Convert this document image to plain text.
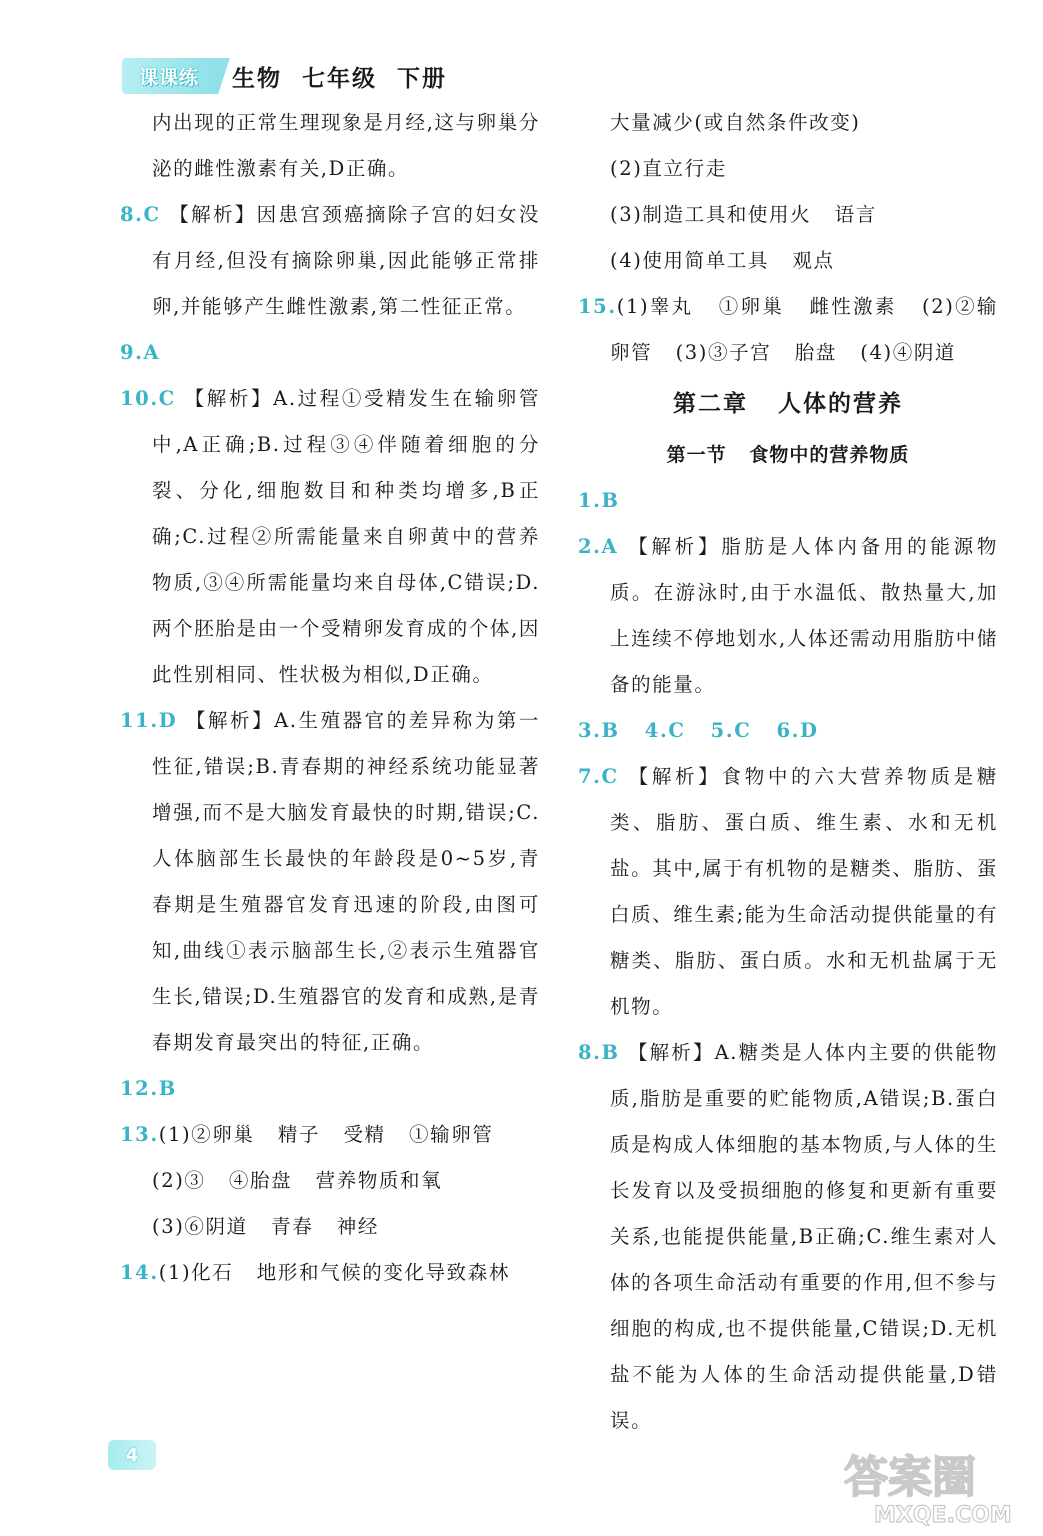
课课练	生物  七年级  下册
内出现的正常生理现象是月经,这与卵巢分泌的雌性激素有关,D正确。
8.C 【解析】因患宫颈癌摘除子宫的妇女没有月经,但没有摘除卵巢,因此能够正常排卵,并能够产生雌性激素,第二性征正常。
9.A
10.C 【解析】A.过程①受精发生在输卵管中,A正确;B.过程③④伴随着细胞的分裂、分化,细胞数目和种类均增多,B正确;C.过程②所需能量来自卵黄中的营养物质,③④所需能量均来自母体,C错误;D.两个胚胎是由一个受精卵发育成的个体,因此性别相同、性状极为相似,D正确。
11.D 【解析】A.生殖器官的差异称为第一性征,错误;B.青春期的神经系统功能显著增强,而不是大脑发育最快的时期,错误;C.人体脑部生长最快的年龄段是0~5岁,青春期是生殖器官发育迅速的阶段,由图可知,曲线①表示脑部生长,②表示生殖器官生长,错误;D.生殖器官的发育和成熟,是青春期发育最突出的特征,正确。
12.B
13.(1)②卵巢   精子   受精   ①输卵管
(2)③   ④胎盘   营养物质和氧
(3)⑥阴道   青春   神经
14.(1)化石   地形和气候的变化导致森林
大量减少(或自然条件改变)
(2)直立行走
(3)制造工具和使用火   语言
(4)使用简单工具   观点
15.(1)睾丸   ①卵巢   雌性激素   (2)②输卵管   (3)③子宫   胎盘   (4)④阴道
第二章   人体的营养
第一节   食物中的营养物质
1.B
2.A 【解析】脂肪是人体内备用的能源物质。在游泳时,由于水温低、散热量大,加上连续不停地划水,人体还需动用脂肪中储备的能量。
3.B   4.C   5.C   6.D
7.C 【解析】食物中的六大营养物质是糖类、脂肪、蛋白质、维生素、水和无机盐。其中,属于有机物的是糖类、脂肪、蛋白质、维生素;能为生命活动提供能量的有糖类、脂肪、蛋白质。水和无机盐属于无机物。
8.B 【解析】A.糖类是人体内主要的供能物质,脂肪是重要的贮能物质,A错误;B.蛋白质是构成人体细胞的基本物质,与人体的生长发育以及受损细胞的修复和更新有重要关系,也能提供能量,B正确;C.维生素对人体的各项生命活动有重要的作用,但不参与细胞的构成,也不提供能量,C错误;D.无机盐不能为人体的生命活动提供能量,D错误。
4	答案圈
MXQE.COM
